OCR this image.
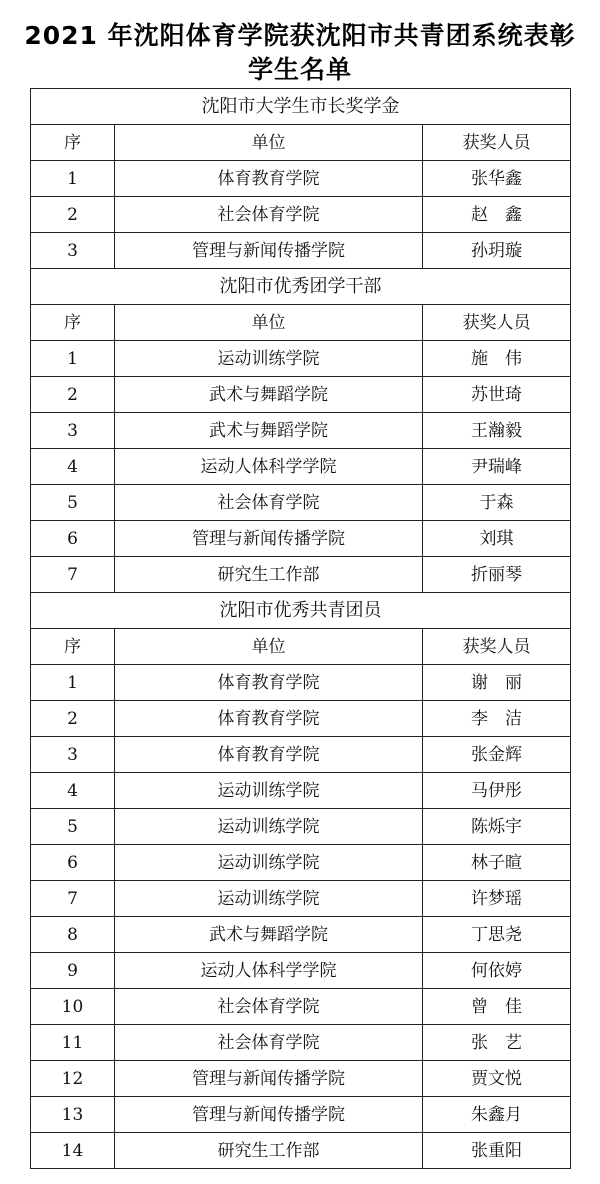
2021 年沈阳体育学院获沈阳市共青团系统表彰
学生名单
沈阳市大学生市长奖学金		
序	单位	获奖人员
1	体育教育学院	张华鑫
2	社会体育学院	赵　鑫
3	管理与新闻传播学院	孙玥璇
沈阳市优秀团学干部		
序	单位	获奖人员
1	运动训练学院	施　伟
2	武术与舞蹈学院	苏世琦
3	武术与舞蹈学院	王瀚毅
4	运动人体科学学院	尹瑞峰
5	社会体育学院	于森
6	管理与新闻传播学院	刘琪
7	研究生工作部	折丽琴
沈阳市优秀共青团员		
序	单位	获奖人员
1	体育教育学院	谢　丽
2	体育教育学院	李　洁
3	体育教育学院	张金辉
4	运动训练学院	马伊彤
5	运动训练学院	陈烁宇
6	运动训练学院	林子暄
7	运动训练学院	许梦瑶
8	武术与舞蹈学院	丁思尧
9	运动人体科学学院	何依婷
10	社会体育学院	曾　佳
11	社会体育学院	张　艺
12	管理与新闻传播学院	贾文悦
13	管理与新闻传播学院	朱鑫月
14	研究生工作部	张重阳
